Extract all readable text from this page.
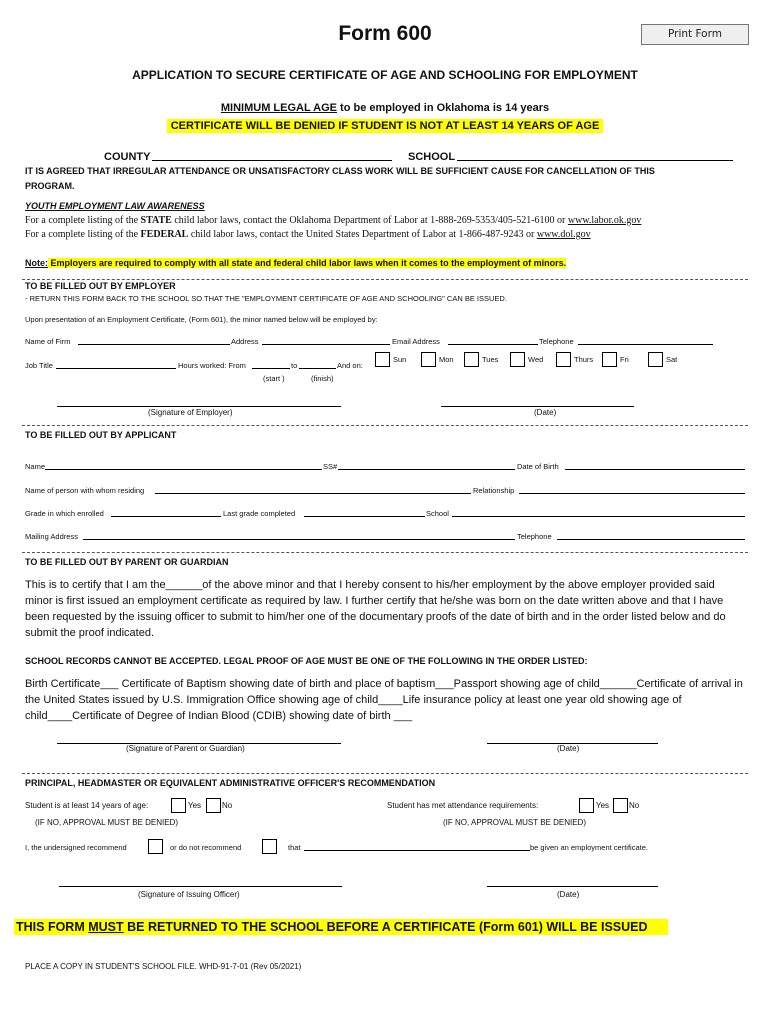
Form 600	Print Form
APPLICATION TO SECURE CERTIFICATE OF AGE AND SCHOOLING FOR EMPLOYMENT
MINIMUM LEGAL AGE to be employed in Oklahoma is 14 years
CERTIFICATE WILL BE DENIED IF STUDENT IS NOT AT LEAST 14 YEARS OF AGE
COUNTY	SCHOOL
IT IS AGREED THAT IRREGULAR ATTENDANCE OR UNSATISFACTORY CLASS WORK WILL BE SUFFICIENT CAUSE FOR CANCELLATION OF THIS
PROGRAM.
YOUTH EMPLOYMENT LAW AWARENESS
For a complete listing of the STATE child labor laws, contact the Oklahoma Department of Labor at 1-888-269-5353/405-521-6100 or www.labor.ok.gov
For a complete listing of the FEDERAL child labor laws, contact the United States Department of Labor at 1-866-487-9243 or www.dol.gov
Note: Employers are required to comply with all state and federal child labor laws when it comes to the employment of minors.
TO BE FILLED OUT BY EMPLOYER
- RETURN THIS FORM BACK TO THE SCHOOL SO THAT THE "EMPLOYMENT CERTIFICATE OF AGE AND SCHOOLING" CAN BE ISSUED.
Upon presentation of an Employment Certificate, (Form 601), the minor named below will be employed by:
Name of Firm	Address	Email Address	Telephone
Job Title	Hours worked: From	to	And on:
(start )	(finish)
Sun	Mon	Tues	Wed	Thurs	Fri	Sat
(Signature of Employer)	(Date)
TO BE FILLED OUT BY APPLICANT
Name	SS#	Date of Birth
Name of person with whom residing	Relationship
Grade in which enrolled	Last grade completed	School
Mailing Address	Telephone
TO BE FILLED OUT BY PARENT OR GUARDIAN
This is to certify that I am the______of the above minor and that I hereby consent to his/her employment by the above employer provided said minor is first issued an employment certificate as required by law. I further certify that he/she was born on the date written above and that I have been requested by the issuing officer to submit to him/her one of the documentary proofs of the date of birth and in the order listed below and do submit the proof indicated.
SCHOOL RECORDS CANNOT BE ACCEPTED. LEGAL PROOF OF AGE MUST BE ONE OF THE FOLLOWING IN THE ORDER LISTED:
Birth Certificate___ Certificate of Baptism showing date of birth and place of baptism___Passport showing age of child______Certificate of arrival in the United States issued by U.S. Immigration Office showing age of child____Life insurance policy at least one year old showing age of child____Certificate of Degree of Indian Blood (CDIB) showing date of birth ___
(Signature of Parent or Guardian)	(Date)
PRINCIPAL, HEADMASTER OR EQUIVALENT ADMINISTRATIVE OFFICER'S RECOMMENDATION
Student is at least 14 years of age:	Yes	No	Student has met attendance requirements:	Yes No
(IF NO, APPROVAL MUST BE DENIED)	(IF NO, APPROVAL MUST BE DENIED)
I, the undersigned recommend	or do not recommend	that	be given an employment certificate.
(Signature of Issuing Officer)	(Date)
THIS FORM MUST BE RETURNED TO THE SCHOOL BEFORE A CERTIFICATE (Form 601) WILL BE ISSUED
PLACE A COPY IN STUDENT'S SCHOOL FILE. WHD-91-7-01 (Rev 05/2021)
